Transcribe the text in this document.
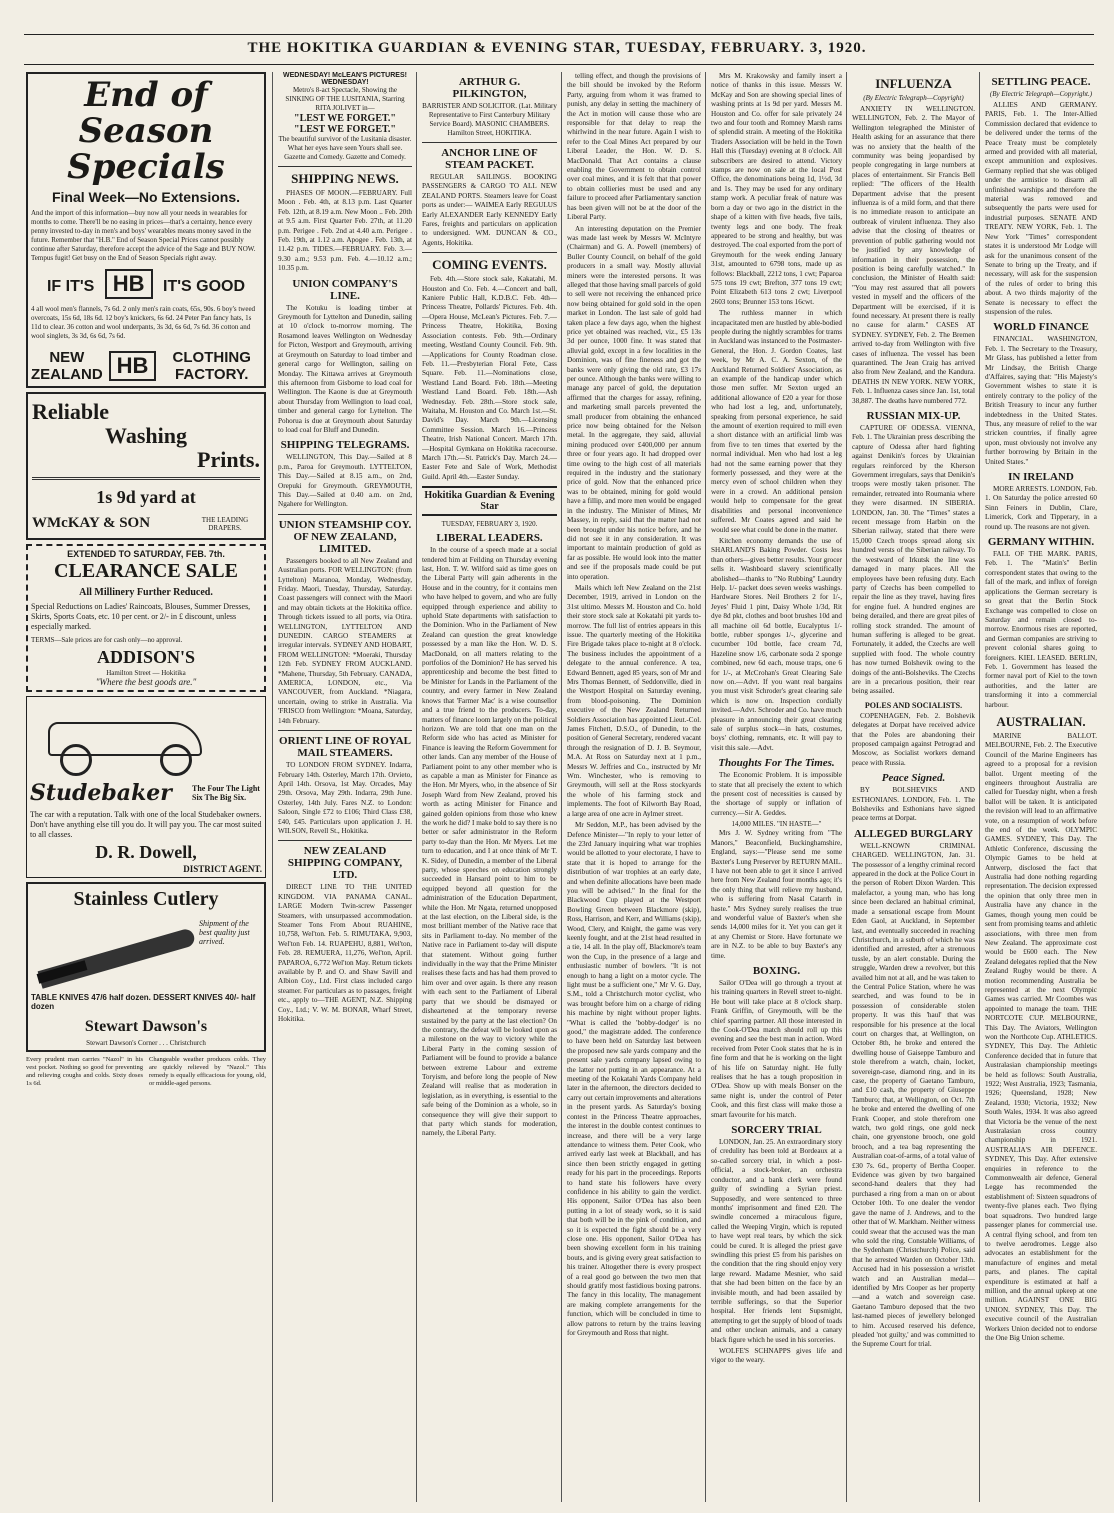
THE HOKITIKA GUARDIAN & EVENING STAR, TUESDAY, FEBRUARY. 3, 1920.
End of Season Specials
Final Week—No Extensions.
And the import of this information—buy now all your needs in wearables for months to come. There'll be no easing in prices—that's a certainty, hence every penny invested to-day in men's and boys' wearables means money saved in the future. Remember that "H.B." End of Season Special Prices cannot possibly continue after Saturday, therefore accept the advice of the Sage and BUY NOW. Tempus fugit! Get busy on the End of Season Specials right away.
IF IT'S HB IT'S GOOD
4 all wool men's flannels, 7s 6d. 2 only men's rain coats, 65s, 90s. 6 boy's tweed overcoats, 15s 6d, 18s 6d. 12 boy's knickers, 6s 6d. 24 Peter Pan fancy hats, 1s 11d to clear. 36 cotton and wool underpants, 3s 3d, 6s 6d, 7s 6d. 36 cotton and wool singlets, 3s 3d, 6s 6d, 7s 6d.
NEW ZEALAND HB	CLOTHING FACTORY.
Reliable
Washing
Prints.
1s 9d yard at
WMcKAY & SON	THE LEADING DRAPERS.
EXTENDED TO SATURDAY, FEB. 7th.
CLEARANCE SALE
All Millinery Further Reduced.
Special Reductions on Ladies' Raincoats, Blouses, Summer Dresses, Skirts, Sports Coats, etc. 10 per cent. or 2/- in £ discount, unless especially marked.
TERMS—Sale prices are for cash only—no approval.
ADDISON'S
Hamilton Street — Hokitika
"Where the best goods are."
Studebaker	The Four The Light Six The Big Six.
The car with a reputation. Talk with one of the local Studebaker owners. Don't have anything else till you do. It will pay you. The car most suited to all classes.
D. R. Dowell,
DISTRICT AGENT.
Stainless Cutlery
Shipment of the best quality just arrived.
TABLE KNIVES 47/6 half dozen. DESSERT KNIVES 40/- half dozen
Stewart Dawson's
Stewart Dawson's Corner . . . Christchurch
Every prudent man carries "Nazol" in his vest pocket. Nothing so good for preventing and relieving coughs and colds. Sixty doses 1s 6d.
Changeable weather produces colds. They are quickly relieved by "Nazol." This remedy is equally efficacious for young, old, or middle-aged persons.
WEDNESDAY! McLEAN'S PICTURES! WEDNESDAY!
Metro's 8-act Spectacle, Showing the SINKING OF THE LUSITANIA, Starring RITA JOLIVET in—
"LEST WE FORGET." "LEST WE FORGET."
The beautiful survivor of the Lusitania disaster. What her eyes have seen Yours shall see. Gazette and Comedy. Gazette and Comedy.
SHIPPING NEWS.

PHASES OF MOON.—FEBRUARY. Full Moon . Feb. 4th, at 8.13 p.m. Last Quarter Feb. 12th, at 8.19 a.m. New Moon .. Feb. 20th at 9.5 a.m. First Quarter Feb. 27th, at 11.20 p.m. Perigee . Feb. 2nd at 4.40 a.m. Perigee . Feb. 19th, at 1.12 a.m. Apogee . Feb. 13th, at 11.42 p.m. TIDES.—FEBRUARY. Feb. 3.—9.30 a.m.; 9.53 p.m. Feb. 4.—10.12 a.m.; 10.35 p.m.

UNION COMPANY'S LINE.

The Kotuku is loading timber at Greymouth for Lyttelton and Dunedin, sailing at 10 o'clock to-morrow morning. The Rosamond leaves Wellington on Wednesday for Picton, Westport and Greymouth, arriving at Greymouth on Saturday to load timber and general cargo for Wellington, sailing on Monday. The Kittawa arrives at Greymouth this afternoon from Gisborne to load coal for Wellington. The Kaone is due at Greymouth about Thursday from Wellington to load coal, timber and general cargo for Lyttelton. The Pohorua is due at Greymouth about Saturday to load coal for Bluff and Dunedin.

SHIPPING TELEGRAMS.

WELLINGTON, This Day.—Sailed at 8 p.m., Paroa for Greymouth. LYTTELTON, This Day.—Sailed at 8.15 a.m., on 2nd, Orepuki for Greymouth. GREYMOUTH, This Day.—Sailed at 0.40 a.m. on 2nd, Ngahere for Wellington.

UNION STEAMSHIP COY. OF NEW ZEALAND, LIMITED.

Passengers booked to all New Zealand and Australian ports. FOR WELLINGTON: (from Lyttelton) Maranoa, Monday, Wednesday, Friday. Maori, Tuesday, Thursday, Saturday. Coast passengers will connect with the Maori and may obtain tickets at the Hokitika office. Through tickets issued to all ports, via Otira. WELLINGTON, LYTTELTON AND DUNEDIN. CARGO STEAMERS at irregular intervals. SYDNEY AND HOBART, FROM WELLINGTON: *Moeraki, Thursday 12th Feb. SYDNEY FROM AUCKLAND. *Mahene, Thursday, 5th February. CANADA, AMERICA, LONDON, etc., Via VANCOUVER, from Auckland. *Niagara, uncertain, owing to strike in Australia. Via 'FRISCO from Wellington: *Moana, Saturday, 14th February.

ORIENT LINE OF ROYAL MAIL STEAMERS.

TO LONDON FROM SYDNEY. Indarra, February 14th. Osterley, March 17th. Orvieto, April 14th. Orsova, 1st May. Orcades, May 29th. Orsova, May 29th. Indarra, 29th June. Osterley, 14th July. Fares N.Z. to London: Saloon, Single £72 to £106; Third Class £38, £40, £45. Particulars upon application J. H. WILSON, Revell St., Hokitika.

NEW ZEALAND SHIPPING COMPANY, LTD.

DIRECT LINE TO THE UNITED KINGDOM. VIA PANAMA CANAL. LARGE Modern Twin-screw Passenger Steamers, with unsurpassed accommodation. Steamer Tons From About RUAHINE, 10,758, Wel'ton. Feb. 5. RIMUTAKA, 9,903, Wel'ton Feb. 14. RUAPEHU, 8,881, Wel'ton, Feb. 28. REMUERA, 11,276, Wel'ton, April. PAPAROA, 6,772 Wel'ton May. Return tickets available by P. and O. and Shaw Savill and Albion Coy., Ltd. First class included cargo steamer. For particulars as to passages, freight etc., apply to—THE AGENT, N.Z. Shipping Coy., Ltd.; V. W. M. BONAR, Wharf Street, Hokitika.

ARTHUR G. PILKINGTON,
BARRISTER AND SOLICITOR. (Lat. Military Representative to First Canterbury Military Service Board). MASONIC CHAMBERS. Hamilton Street, HOKITIKA.
ANCHOR LINE OF STEAM PACKET.

REGULAR SAILINGS. BOOKING PASSENGERS & CARGO TO ALL NEW ZEALAND PORTS. Steamers leave for Coast ports as under:— WAIMEA Early REGULUS Early ALEXANDER Early KENNEDY Early Fares, freights and particulars on application to undersigned. WM. DUNCAN & CO., Agents, Hokitika.

COMING EVENTS.

Feb. 4th.—Store stock sale, Kakatahi, M. Houston and Co. Feb. 4.—Concert and ball, Kaniere Public Hall, K.D.B.C. Feb. 4th—Princess Theatre, Pollards' Pictures. Feb. 4th.—Opera House, McLean's Pictures. Feb. 7.—Princess Theatre, Hokitika, Boxing Association contests. Feb. 9th.—Ordinary meeting, Westland County Council. Feb. 9th.—Applications for County Roadman close. Feb. 11.—Presbyterian Floral Fete, Cass Square. Feb. 11.—Nominations close, Westland Land Board. Feb. 18th.—Meeting Westland Land Board. Feb. 18th.—Ash Wednesday. Feb. 28th.—Store stock sale, Waitaha, M. Houston and Co. March 1st.—St. David's Day. March 9th.—Licensing Committee Session. March 16.—Princess Theatre, Irish National Concert. March 17th.—Hospital Gymkana on Hokitika racecourse. March 17th.—St. Patrick's Day. March 24.—Easter Fete and Sale of Work, Methodist Guild. April 4th.—Easter Sunday.

Hokitika Guardian & Evening Star
TUESDAY, FEBRUARY 3, 1920.
LIBERAL LEADERS.

In the course of a speech made at a social tendered him at Feilding on Thursday evening last, Hon. T. W. Wilford said as time goes on the Liberal Party will gain adherents in the House and in the country, for it contains men who have helped to govern, and who are fully equipped through experience and ability to uphold State departments with satisfaction to the Dominion. Who in the Parliament of New Zealand can question the great knowledge possessed by a man like the Hon. W. D. S. MacDonald, on all matters relating to the portfolios of the Dominion? He has served his apprenticeship and become the best fitted to be Minister for Lands in the Parliament of the country, and every farmer in New Zealand knows that 'Farmer Mac' is a wise counsellor and a true friend to the producers. To-day, matters of finance loom largely on the political horizon. We are told that one man on the Reform side who has acted as Minister for Finance is leaving the Reform Government for other lands. Can any member of the House of Parliament point to any other member who is as capable a man as Minister for Finance as the Hon. Mr Myers, who, in the absence of Sir Joseph Ward from New Zealand, proved his worth as acting Minister for Finance and gained golden opinions from those who knew the work he did? I make bold to say there is no better or safer administrator in the Reform party to-day than the Hon. Mr Myers. Let me turn to education, and I at once think of Mr T. K. Sidey, of Dunedin, a member of the Liberal party, whose speeches on education strongly succeeded in Hansard point to him to be equipped beyond all question for the administration of the Education Department, while the Hon. Mr Ngata, returned unopposed at the last election, on the Liberal side, is the most brilliant member of the Native race that sits in Parliament to-day. No member of the Native race in Parliament to-day will dispute that statement. Without going further individually in the way that the Prime Minister realises these facts and has had them proved to him over and over again. Is there any reason with each sent to the Parliament of Liberal party that we should be dismayed or disheartened at the temporary reverse sustained by the party at the last election? On the contrary, the defeat will be looked upon as a milestone on the way to victory while the Liberal Party in the coming session of Parliament will be found to provide a balance between extreme Labour and extreme Toryism, and before long the people of New Zealand will realise that as moderation in legislation, as in everything, is essential to the safe being of the Dominion as a whole, so in consequence they will give their support to that party which stands for moderation, namely, the Liberal Party.

telling effect, and though the provisions of the bill should be invoked by the Reform Party, arguing from whom it was framed to punish, any delay in setting the machinery of the Act in motion will cause those who are responsible for that delay to reap the whirlwind in the near future. Again I wish to refer to the Coal Mines Act prepared by our Liberal Leader, the Hon. W. D. S. MacDonald. That Act contains a clause enabling the Government to obtain control over coal mines, and it is felt that that power to obtain collieries must be used and any failure to proceed after Parliamentary sanction has been given will not be at the door of the Liberal Party.

An interesting deputation on the Premier was made last week by Messrs W. McIntyre (Chairman) and G. A. Powell (members) of Buller County Council, on behalf of the gold producers in a small way. Mostly alluvial miners were the interested persons. It was alleged that those having small parcels of gold to sell were not receiving the enhanced price now being obtained for gold sold in the open market in London. The last sale of gold had taken place a few days ago, when the highest price yet obtained was reached, viz., £5 13s 3d per ounce, 1000 fine. It was stated that alluvial gold, except in a few localities in the Dominion, was of fine fineness and got the banks were only giving the old rate, £3 17s per ounce. Although the banks were willing to manage any parcel of gold, the deputation affirmed that the charges for assay, refining, and marketing small parcels prevented the small producer from obtaining the enhanced price now being obtained for the Nelson metal. In the aggregate, they said, alluvial mining produced over £400,000 per annum three or four years ago. It had dropped over time owing to the high cost of all materials required in the industry and the stationary price of gold. Now that the enhanced price was to be obtained, mining for gold would have a fillip, and more men would be engaged in the industry. The Minister of Mines, Mr Massey, in reply, said that the matter had not been brought under his notice before, and he did not see it in any consideration. It was important to maintain production of gold as far as possible. He would look into the matter and see if the proposals made could be put into operation.

Mails which left New Zealand on the 21st December, 1919, arrived in London on the 31st ultimo. Messrs M. Houston and Co. hold their store stock sale at Kokatahi pit yards to-morrow. The full list of entries appears in this issue. The quarterly meeting of the Hokitika Fire Brigade takes place to-night at 8 o'clock. The business includes the appointment of a delegate to the annual conference. A tea, Edward Bennett, aged 85 years, son of Mr and Mrs Thomas Bennett, of Seddonville, died in the Westport Hospital on Saturday evening, from blood-poisoning. The Dominion executive of the New Zealand Returned Soldiers Association has appointed Lieut.-Col. James Fitchett, D.S.O., of Dunedin, to the position of General Secretary, rendered vacant through the resignation of D. J. B. Seymour, M.A. At Ross on Saturday next at 1 p.m., Messrs W. Jeffries and Co., instructed by Mr Wm. Winchester, who is removing to Greymouth, will sell at the Ross stockyards the whole of his farming stock and implements. The foot of Kilworth Bay Road, a large area of one acre in Aylmer street.

Mr Seddon, M.P., has been advised by the Defence Minister—"In reply to your letter of the 23rd January inquiring what war trophies would be allotted to your electorate, I have to state that it is hoped to arrange for the distribution of war trophies at an early date, and when definite allocations have been made you will be advised." In the final for the Blackwood Cup played at the Westport Bowling Green between Blackmore (skip), Ross, Harrison, and Kerr, and Williams (skip), Wood, Clery, and Knight, the game was very keenly fought, and at the 21st head resulted in a tie, 14 all. In the play off, Blackmore's team won the Cup, in the presence of a large and enthusiastic number of bowlers. "It is not enough to hang a light on a motor cycle. The light must be a sufficient one," Mr V. G. Day, S.M., told a Christchurch motor cyclist, who was brought before him on a charge of riding his machine by night without proper lights. "What is called the 'bobby-dodger' is no good," the magistrate added. The conference to have been held on Saturday last between the proposed new sale yards company and the present sale yards company lapsed owing to the latter not putting in an appearance. At a meeting of the Kokatahi Yards Company held later in the afternoon, the directors decided to carry out certain improvements and alterations in the present yards. As Saturday's boxing contest in the Princess Theatre approaches, the interest in the double contest continues to increase, and there will be a very large attendance to witness them. Peter Cook, who arrived early last week at Blackball, and has since then been strictly engaged in getting ready for his part in the proceedings. Reports to hand state his followers have every confidence in his ability to gain the verdict. His opponent, Sailor O'Dea has also been putting in a lot of steady work, so it is said that both will be in the pink of condition, and so it is expected the fight should be a very close one. His opponent, Sailor O'Dea has been showing excellent form in his training bouts, and is giving every great satisfaction to his trainer. Altogether there is every prospect of a real good go between the two men that should gratify most fastidious boxing patrons. The fancy in this locality, The management are making complete arrangements for the function, which will be concluded in time to allow patrons to return by the trains leaving for Greymouth and Ross that night.

Mrs M. Krakowsky and family insert a notice of thanks in this issue. Messrs W. McKay and Son are showing special lines of washing prints at 1s 9d per yard. Messrs M. Houston and Co. offer for sale privately 24 two and four tooth and Romney Marsh rams of splendid strain. A meeting of the Hokitika Traders Association will be held in the Town Hall this (Tuesday) evening at 8 o'clock. All subscribers are desired to attend. Victory stamps are now on sale at the local Post Office, the denominations being 1d, 1½d, 3d and 1s. They may be used for any ordinary stamp work. A peculiar freak of nature was born a day or two ago in the district in the shape of a kitten with five heads, five tails, twenty legs and one body. The freak appeared to be strong and healthy, but was destroyed. The coal exported from the port of Greymouth for the week ending January 31st, amounted to 6798 tons, made up as follows: Blackball, 2212 tons, 1 cwt; Paparoa 575 tons 19 cwt; Brefton, 377 tons 19 cwt; Point Elizabeth 613 tons 2 cwt; Liverpool 2603 tons; Brunner 153 tons 16cwt.

The ruthless manner in which incapacitated men are hustled by able-bodied people during the nightly scrambles for trams in Auckland was instanced to the Postmaster-General, the Hon. J. Gordon Coates, last week, by Mr A. C. A. Sexton, of the Auckland Returned Soldiers' Association, as an example of the handicap under which those men suffer. Mr Sexton urged an additional allowance of £20 a year for those who had lost a leg, and, unfortunately, speaking from personal experience, he said the amount of exertion required to mill even a short distance with an artificial limb was from five to ten times that exerted by the normal individual. Men who had lost a leg had not the same earning power that they formerly possessed, and they were at the mercy even of school children when they were in a crowd. An additional pension would help to compensate for the great disabilities and personal inconvenience suffered. Mr Coates agreed and said he would see what could be done in the matter.

Kitchen economy demands the use of SHARLAND'S Baking Powder. Costs less than others—gives better results. Your grocer sells it. Washboard slavery scientifically abolished—thanks to "No Rubbing" Laundry Help. 1/- packet does seven weeks washings. Hardware Stores. Neil Brothers 2 for 1/-, Jeyes' Fluid 1 pint, Daisy Whole 1/3d, Rit dye 8d pkt, clothes and boot brushes 10d and all machine oil 6d bottle, Eucalyptus 1/- bottle, rubber sponges 1/-, glycerine and cucumber 10d bottle, face cream 7d, Hazeline snow 1/6, carbonate soda 2 sponge combined, new 6d each, mouse traps, one 6 for 1/-, at McCrohan's Great Clearing Sale now on.—Advt. If you want real bargains you must visit Schroder's great clearing sale which is now on. Inspection cordially invited.—Advt. Schroder and Co. have much pleasure in announcing their great clearing sale of surplus stock—in hats, costumes, boys' clothing, remnants, etc. It will pay to visit this sale.—Advt.

Thoughts For The Times.

The Economic Problem. It is impossible to state that all precisely the extent to which the present cost of necessities is caused by the shortage of supply or inflation of currency.—Sir A. Geddes.

14,000 MILES. "IN HASTE—"

Mrs J. W. Sydney writing from "The Manors," Beaconfield, Buckinghamshire, England, says:—"Please send me some Baxter's Lung Preserver by RETURN MAIL. I have not been able to get it since I arrived here from New Zealand four months ago; it's the only thing that will relieve my husband, who is suffering from Nasal Catarrh in haste." Mrs Sydney surely realises the true and wonderful value of Baxter's when she sends 14,000 miles for it. Yet you can get it at any Chemist or Store. Have fortunate we are in N.Z. to be able to buy Baxter's any time.

BOXING.

Sailor O'Dea will go through a tryout at his training quarters in Revell street to-night. He bout will take place at 8 o'clock sharp. Frank Griffin, of Greymouth, will be the chief sparring partner. All those interested in the Cook-O'Dea match should roll up this evening and see the best man in action. Word received from Peter Cook states that he is in fine form and that he is working on the light of his life on Saturday night. He fully realises that he has a tough proposition in O'Dea. Show up with meals Bonser on the same night is, under the control of Peter Cook, and this first class will make those a smart favourite for his match.

SORCERY TRIAL

LONDON, Jan. 25. An extraordinary story of credulity has been told at Bordeaux at a so-called sorcery trial, in which a post-official, a stock-broker, an orchestra conductor, and a bank clerk were found guilty of swindling a Syrian priest. Supposedly, and were sentenced to three months' imprisonment and fined £20. The swindle concerned a miraculous figure, called the Weeping Virgin, which is reputed to have wept real tears, by which the sick could be cured. It is alleged the priest gave swindling this priest £5 from his parishes on the condition that the ring should enjoy very large reward. Madame Mesnier, who said that she had been bitten on the face by an invisible mouth, and had been assailed by terrible sufferings, so that the Superior hospital. Her friends lent Supsmight, attempting to get the supply of blood of toads and other unclean animals, and a canary black figure which he used in his sorceries.

WOLFE'S SCHNAPPS gives life and vigor to the weary.

INFLUENZA
(By Electric Telegraph—Copyright)

ANXIETY IN WELLINGTON. WELLINGTON, Feb. 2. The Mayor of Wellington telegraphed the Minister of Health asking for an assurance that there was no anxiety that the health of the community was being jeopardised by people congregating in large numbers at places of entertainment. Sir Francis Bell replied: "The officers of the Health Department advise that the present influenza is of a mild form, and that there is no immediate reason to anticipate an outbreak of virulent influenza. They also advise that the closing of theatres or prevention of public gathering would not be justified by any knowledge of information in their possession, the position is being carefully watched." In conclusion, the Minister of Health said: "You may rest assured that all powers vested in myself and the officers of the Department will be exercised, if it is found necessary. At present there is really no cause for alarm." CASES AT SYDNEY. SYDNEY, Feb. 2. The Bremen arrived to-day from Wellington with five cases of influenza. The vessel has been quarantined. The Jean Craig has arrived also from New Zealand, and the Kandura. DEATHS IN NEW YORK. NEW YORK, Feb. 1. Influenza cases since Jan. 1st, total 38,887. The deaths have numbered 772.

RUSSIAN MIX-UP.

CAPTURE OF ODESSA. VIENNA, Feb. 1. The Ukrainian press describing the capture of Odessa after hard fighting against Denikin's forces by Ukrainian regulars reinforced by the Kherson Government irregulars, says that Denikin's troops were mostly taken prisoner. The remainder, retreated into Roumania where they were disarmed. IN SIBERIA. LONDON, Jan. 30. The "Times" states a recent message from Harbin on the Siberian railway, stated that there were 15,000 Czech troops spread along six hundred versts of the Siberian railway. To the westward of Irkutsk the line was damaged in many places. All the employees have been refusing duty. Each party of Czechs has been compelled to repair the line as they travel, having fires for engine fuel. A hundred engines are being derailed, and there are great piles of rolling stock stranded. The amount of human suffering is alleged to be great. Fortunately, it added, the Czechs are well supplied with food. The whole country has now turned Bolshevik owing to the doings of the anti-Bolsheviks. The Czechs are in a precarious position, their rear being assailed.

POLES AND SOCIALISTS.

COPENHAGEN, Feb. 2. Bolshevik delegates at Dorpat have received advice that the Poles are abandoning their proposed campaign against Petrograd and Moscow, as Socialist workers demand peace with Russia.

Peace Signed.

BY BOLSHEVIKS AND ESTHONIANS. LONDON, Feb. 1. The Bolsheviks and Esthonians have signed peace terms at Dorpat.

ALLEGED BURGLARY

WELL-KNOWN CRIMINAL CHARGED. WELLINGTON, Jan. 31. The possessor of a lengthy criminal record appeared in the dock at the Police Court in the person of Robert Dixon Warden. This malefactor, a young man, who has long since been declared an habitual criminal, made a sensational escape from Mount Eden Gaol, at Auckland, in September last, and eventually succeeded in reaching Christchurch, in a suburb of which he was identified and arrested, after a strenuous tussle, by an alert constable. During the struggle, Warden drew a revolver, but this availed him not at all, and he was taken to the Central Police Station, where he was searched, and was found to be in possession of considerable stolen property. It was this 'haul' that was responsible for his presence at the local court on charges that, at Wellington, on October 8th, he broke and entered the dwelling house of Gaiseppe Tamburo and stole therefrom a watch, chain, locket, sovereign-case, diamond ring, and in its case, the property of Gaetano Tamburo, and £10 cash, the property of Giuseppe Tamburo; that, at Wellington, on Oct. 7th he broke and entered the dwelling of one Frank Cooper, and stole therefrom one watch, two gold rings, one gold neck chain, one gryenstone brooch, one gold brooch, and a tea bag representing the Australian coat-of-arms, of a total value of £30 7s. 6d., property of Bertha Cooper. Evidence was given by two bargained second-hand dealers that they had purchased a ring from a man on or about October 10th. To one dealer the vendor gave the name of J. Andrews, and to the other that of W. Markham. Neither witness could swear that the accused was the man who sold the ring. Constable Williams, of the Sydenham (Christchurch) Police, said that he arrested Warden on October 13th. Accused had in his possession a wristlet watch and an Australian medal—identified by Mrs Cooper as her property—and a watch and sovereign case. Gaetano Tamburo deposed that the two last-named pieces of jewellery belonged to him. Accused reserved his defence, pleaded 'not guilty,' and was committed to the Supreme Court for trial.

SETTLING PEACE.
(By Electric Telegraph—Copyright.)

ALLIES AND GERMANY. PARIS, Feb. 1. The Inter-Allied Commission declared that evidence to be delivered under the terms of the Peace Treaty must be completely armed and provided with all material, except ammunition and explosives. Germany replied that she was obliged under the armistice to disarm all unfinished warships and therefore the material was removed and subsequently the parts were used for industrial purposes. SENATE AND TREATY. NEW YORK, Feb. 1. The New York "Times" correspondent states it is understood Mr Lodge will ask for the unanimous consent of the Senate to bring up the Treaty, and if necessary, will ask for the suspension of the rules of order to bring this about. A two thirds majority of the Senate is necessary to effect the suspension of the rules.

WORLD FINANCE

FINANCIAL. WASHINGTON, Feb. 1. The Secretary to the Treasury, Mr Glass, has published a letter from Mr Lindsay, the British Charge d'Affaires, saying that: "His Majesty's Government wishes to state it is entirely contrary to the policy of the British Treasury to incur any further indebtedness in the United States. Thus, any measure of relief to the war stricken countries, if finally agree upon, must obviously not involve any further borrowing by Britain in the United States."

IN IRELAND

MORE ARRESTS. LONDON, Feb. 1. On Saturday the police arrested 60 Sinn Feiners in Dublin, Clare, Limerick, Cork and Tipperary, in a round up. The reasons are not given.

GERMANY WITHIN.

FALL OF THE MARK. PARIS, Feb. 1. The "Matin's" Berlin correspondent states that owing to the fall of the mark, and influx of foreign applications the German secretary is so great that the Berlin Stock Exchange was compelled to close on Saturday and remain closed to-morrow. Enormous rises are reported, and German companies are striving to prevent colonial shares going to foreigners. KIEL LEASED. BERLIN, Feb. 1. Government has leased the former naval port of Kiel to the town authorities, and the latter are transforming it into a commercial harbour.

AUSTRALIAN.

MARINE BALLOT. MELBOURNE, Feb. 2. The Executive Council of the Marine Engineers has agreed to a proposal for a revision ballot. Urgent meeting of the engineers throughout Australia are called for Tuesday night, when a fresh ballot will be taken. It is anticipated the revision will lead to an affirmative vote, on a resumption of work before the end of the week. OLYMPIC GAMES. SYDNEY, This Day. The Athletic Conference, discussing the Olympic Games to be held at Antwerp, disclosed the fact that Australia had done nothing regarding representation. The decision expressed the opinion that only three men in Australia have any chance in the Games, though young men could be sent from promising teams and athletic associations, with three men from New Zealand. The approximate cost would be £600 each. The New Zealand delegates replied that the New Zealand Rugby would be there. A motion recommending Australia be represented at the next Olympic Games was carried. Mr Coombes was appointed to manage the team. THE NORTCOTE CUP. MELBOURNE, This Day. The Aviators, Wellington won the Northcote Cup. ATHLETICS. SYDNEY, This Day. The Athletic Conference decided that in future that Australasian championship meetings be held as follows: South Australia, 1922; West Australia, 1923; Tasmania, 1926; Queensland, 1928; New Zealand, 1930; Victoria, 1932; New South Wales, 1934. It was also agreed that Victoria be the venue of the next Australasian cross country championship in 1921. AUSTRALIA'S AIR DEFENCE. SYDNEY, This Day. After extensive enquiries in reference to the Commonwealth air defence, General Legge has recommended the establishment of: Sixteen squadrons of twenty-five planes each. Two flying boat squadrons. Two hundred large passenger planes for commercial use. A central flying school, and from ten to twelve aerodromes. Legge also advocates an establishment for the manufacture of engines and metal parts, and planes. The capital expenditure is estimated at half a million, and the annual upkeep at one million. AGAINST ONE BIG UNION. SYDNEY, This Day. The executive council of the Australian Workers Union decided not to endorse the One Big Union scheme.
